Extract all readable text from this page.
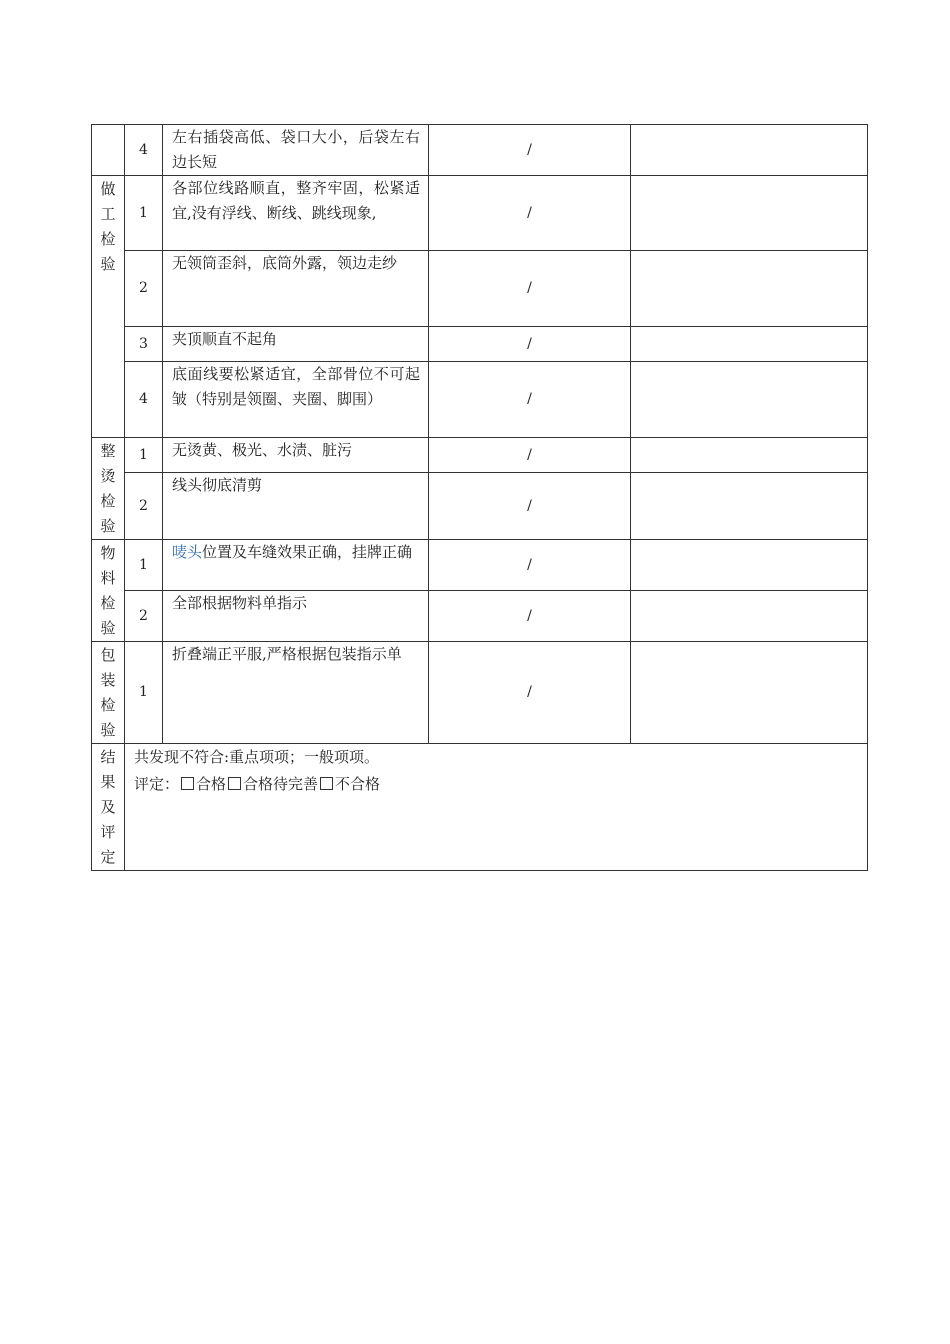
	4	左右插袋高低、袋口大小，后袋左右边长短	/	

做工检验	1	各部位线路顺直，整齐牢固，松紧适宜,没有浮线、断线、跳线现象,	/	
	2	无领筒歪斜，底筒外露，领边走纱	/	
	3	夹顶顺直不起角	/	
	4	底面线要松紧适宜，全部骨位不可起皱（特别是领圈、夹圈、脚围）	/	

整烫检验	1	无烫黄、极光、水渍、脏污	/	
	2	线头彻底清剪	/	

物料检验	1	唛头位置及车缝效果正确，挂牌正确	/	
	2	全部根据物料单指示	/	

包装检验	1	折叠端正平服,严格根据包装指示单	/	

结果及评定	共发现不符合:重点项项；一般项项。
评定： 合格 合格待完善 不合格			
